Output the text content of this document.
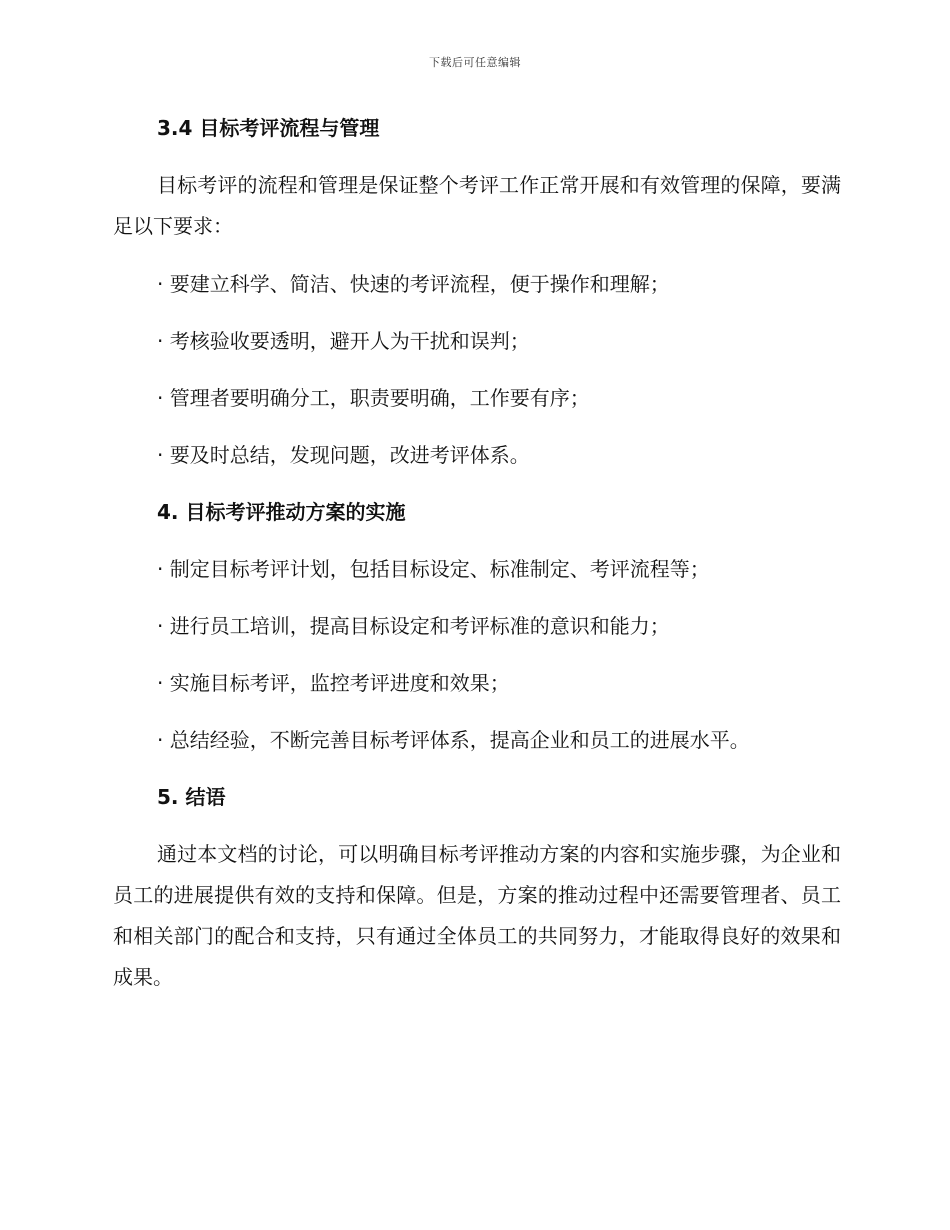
下载后可任意编辑
3.4 目标考评流程与管理

目标考评的流程和管理是保证整个考评工作正常开展和有效管理的保障，要满足以下要求：

· 要建立科学、简洁、快速的考评流程，便于操作和理解；
· 考核验收要透明，避开人为干扰和误判；
· 管理者要明确分工，职责要明确，工作要有序；
· 要及时总结，发现问题，改进考评体系。
4. 目标考评推动方案的实施
· 制定目标考评计划，包括目标设定、标准制定、考评流程等；
· 进行员工培训，提高目标设定和考评标准的意识和能力；
· 实施目标考评，监控考评进度和效果；
· 总结经验，不断完善目标考评体系，提高企业和员工的进展水平。
5. 结语

通过本文档的讨论，可以明确目标考评推动方案的内容和实施步骤，为企业和员工的进展提供有效的支持和保障。但是，方案的推动过程中还需要管理者、员工和相关部门的配合和支持，只有通过全体员工的共同努力，才能取得良好的效果和成果。
